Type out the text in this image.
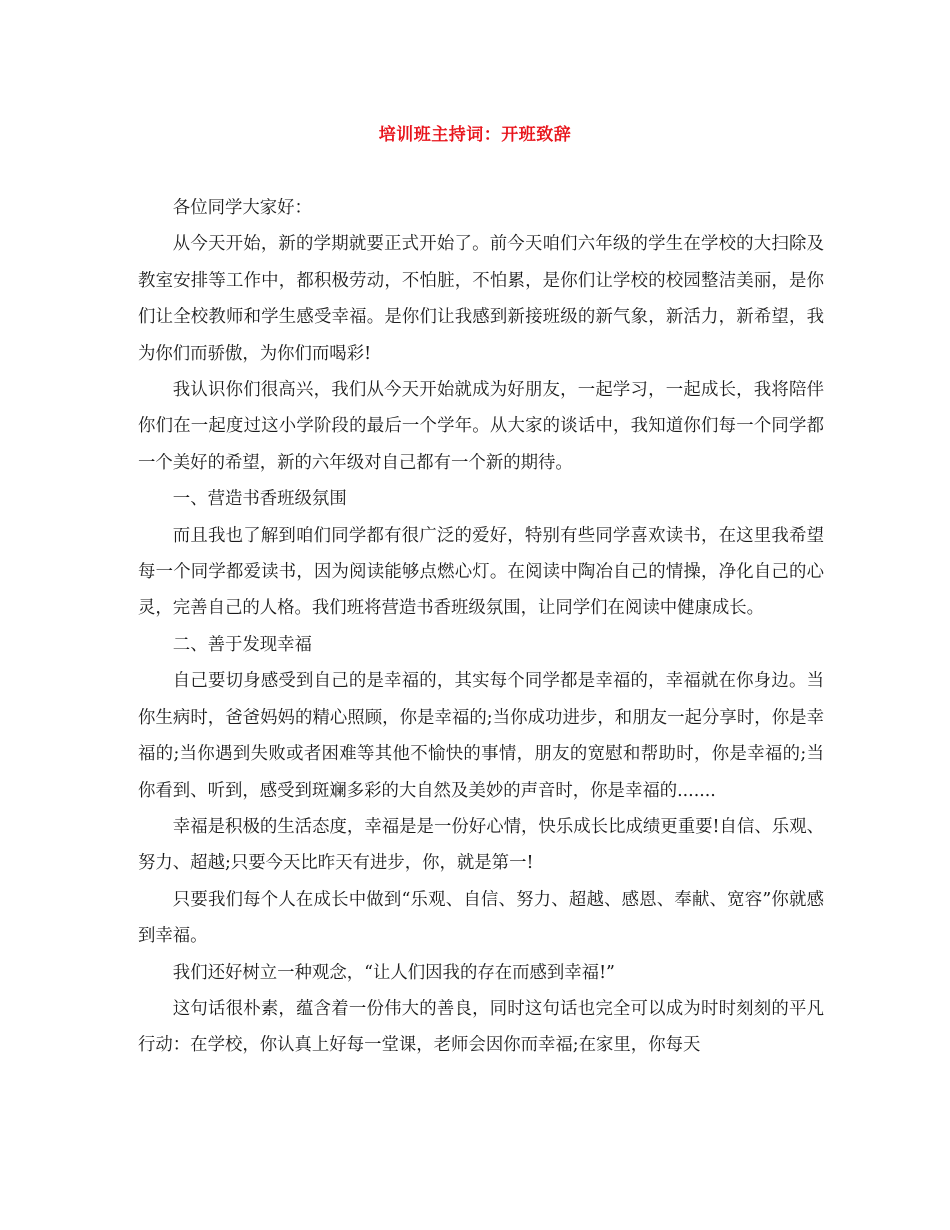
培训班主持词：开班致辞

各位同学大家好：

从今天开始，新的学期就要正式开始了。前今天咱们六年级的学生在学校的大扫除及教室安排等工作中，都积极劳动，不怕脏，不怕累，是你们让学校的校园整洁美丽，是你们让全校教师和学生感受幸福。是你们让我感到新接班级的新气象，新活力，新希望，我为你们而骄傲，为你们而喝彩!

我认识你们很高兴，我们从今天开始就成为好朋友，一起学习，一起成长，我将陪伴你们在一起度过这小学阶段的最后一个学年。从大家的谈话中，我知道你们每一个同学都一个美好的希望，新的六年级对自己都有一个新的期待。

一、营造书香班级氛围

而且我也了解到咱们同学都有很广泛的爱好，特别有些同学喜欢读书，在这里我希望每一个同学都爱读书，因为阅读能够点燃心灯。在阅读中陶冶自己的情操，净化自己的心灵，完善自己的人格。我们班将营造书香班级氛围，让同学们在阅读中健康成长。

二、善于发现幸福

自己要切身感受到自己的是幸福的，其实每个同学都是幸福的，幸福就在你身边。当你生病时，爸爸妈妈的精心照顾，你是幸福的;当你成功进步，和朋友一起分享时，你是幸福的;当你遇到失败或者困难等其他不愉快的事情，朋友的宽慰和帮助时，你是幸福的;当你看到、听到，感受到斑斓多彩的大自然及美妙的声音时，你是幸福的.......

幸福是积极的生活态度，幸福是是一份好心情，快乐成长比成绩更重要!自信、乐观、努力、超越;只要今天比昨天有进步，你，就是第一!

只要我们每个人在成长中做到“乐观、自信、努力、超越、感恩、奉献、宽容”你就感到幸福。

我们还好树立一种观念，“让人们因我的存在而感到幸福!”

这句话很朴素，蕴含着一份伟大的善良，同时这句话也完全可以成为时时刻刻的平凡行动：在学校，你认真上好每一堂课，老师会因你而幸福;在家里，你每天
